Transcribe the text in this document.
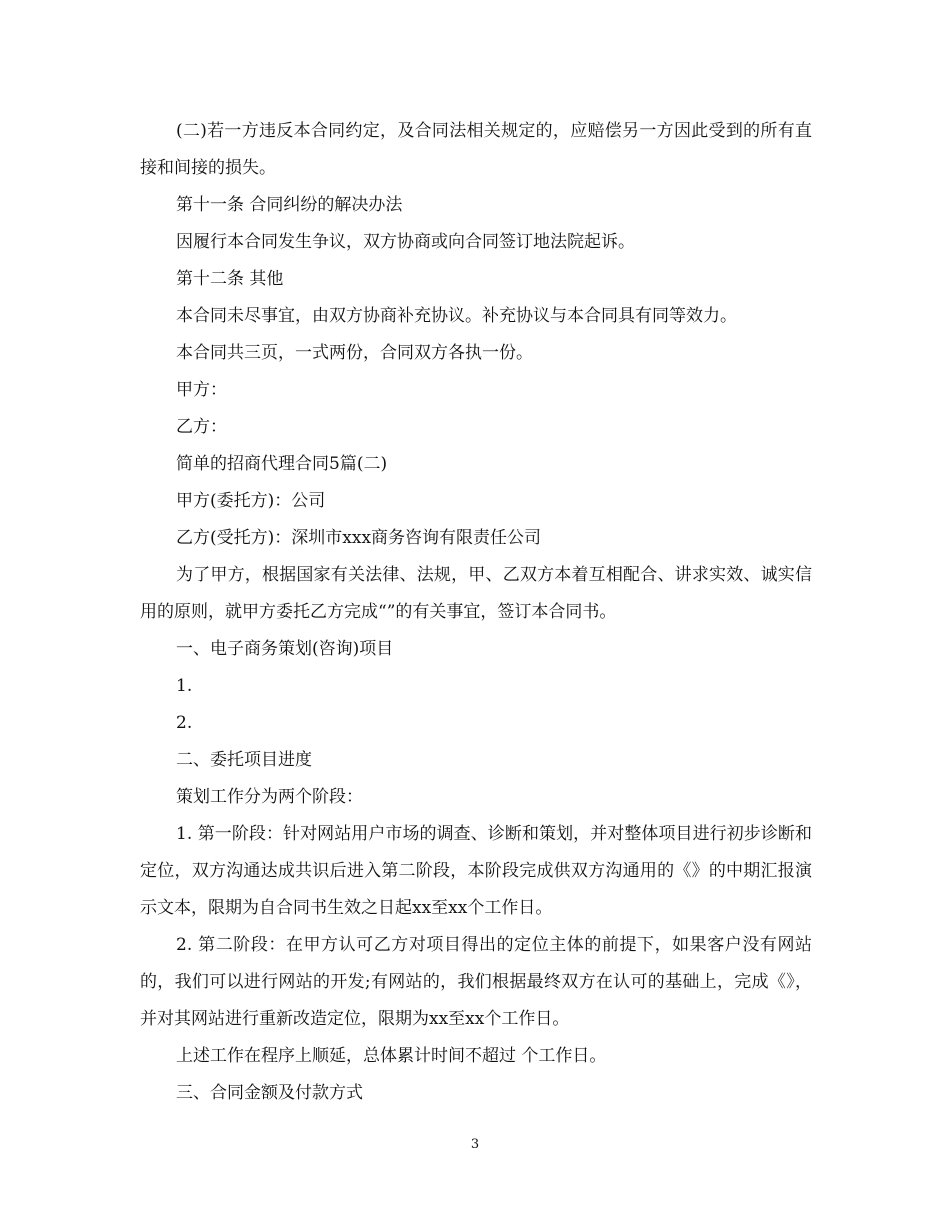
(二)若一方违反本合同约定，及合同法相关规定的，应赔偿另一方因此受到的所有直接和间接的损失。

第十一条 合同纠纷的解决办法

因履行本合同发生争议，双方协商或向合同签订地法院起诉。

第十二条 其他

本合同未尽事宜，由双方协商补充协议。补充协议与本合同具有同等效力。

本合同共三页，一式两份，合同双方各执一份。

甲方：

乙方：

简单的招商代理合同5篇(二)

甲方(委托方)：公司

乙方(受托方)：深圳市xxx商务咨询有限责任公司

为了甲方，根据国家有关法律、法规，甲、乙双方本着互相配合、讲求实效、诚实信用的原则，就甲方委托乙方完成“”的有关事宜，签订本合同书。

一、电子商务策划(咨询)项目

1.

2.

二、委托项目进度

策划工作分为两个阶段：

1. 第一阶段：针对网站用户市场的调查、诊断和策划，并对整体项目进行初步诊断和定位，双方沟通达成共识后进入第二阶段，本阶段完成供双方沟通用的《》的中期汇报演示文本，限期为自合同书生效之日起xx至xx个工作日。

2. 第二阶段：在甲方认可乙方对项目得出的定位主体的前提下，如果客户没有网站的，我们可以进行网站的开发;有网站的，我们根据最终双方在认可的基础上，完成《》，并对其网站进行重新改造定位，限期为xx至xx个工作日。

上述工作在程序上顺延，总体累计时间不超过 个工作日。

三、合同金额及付款方式

3
